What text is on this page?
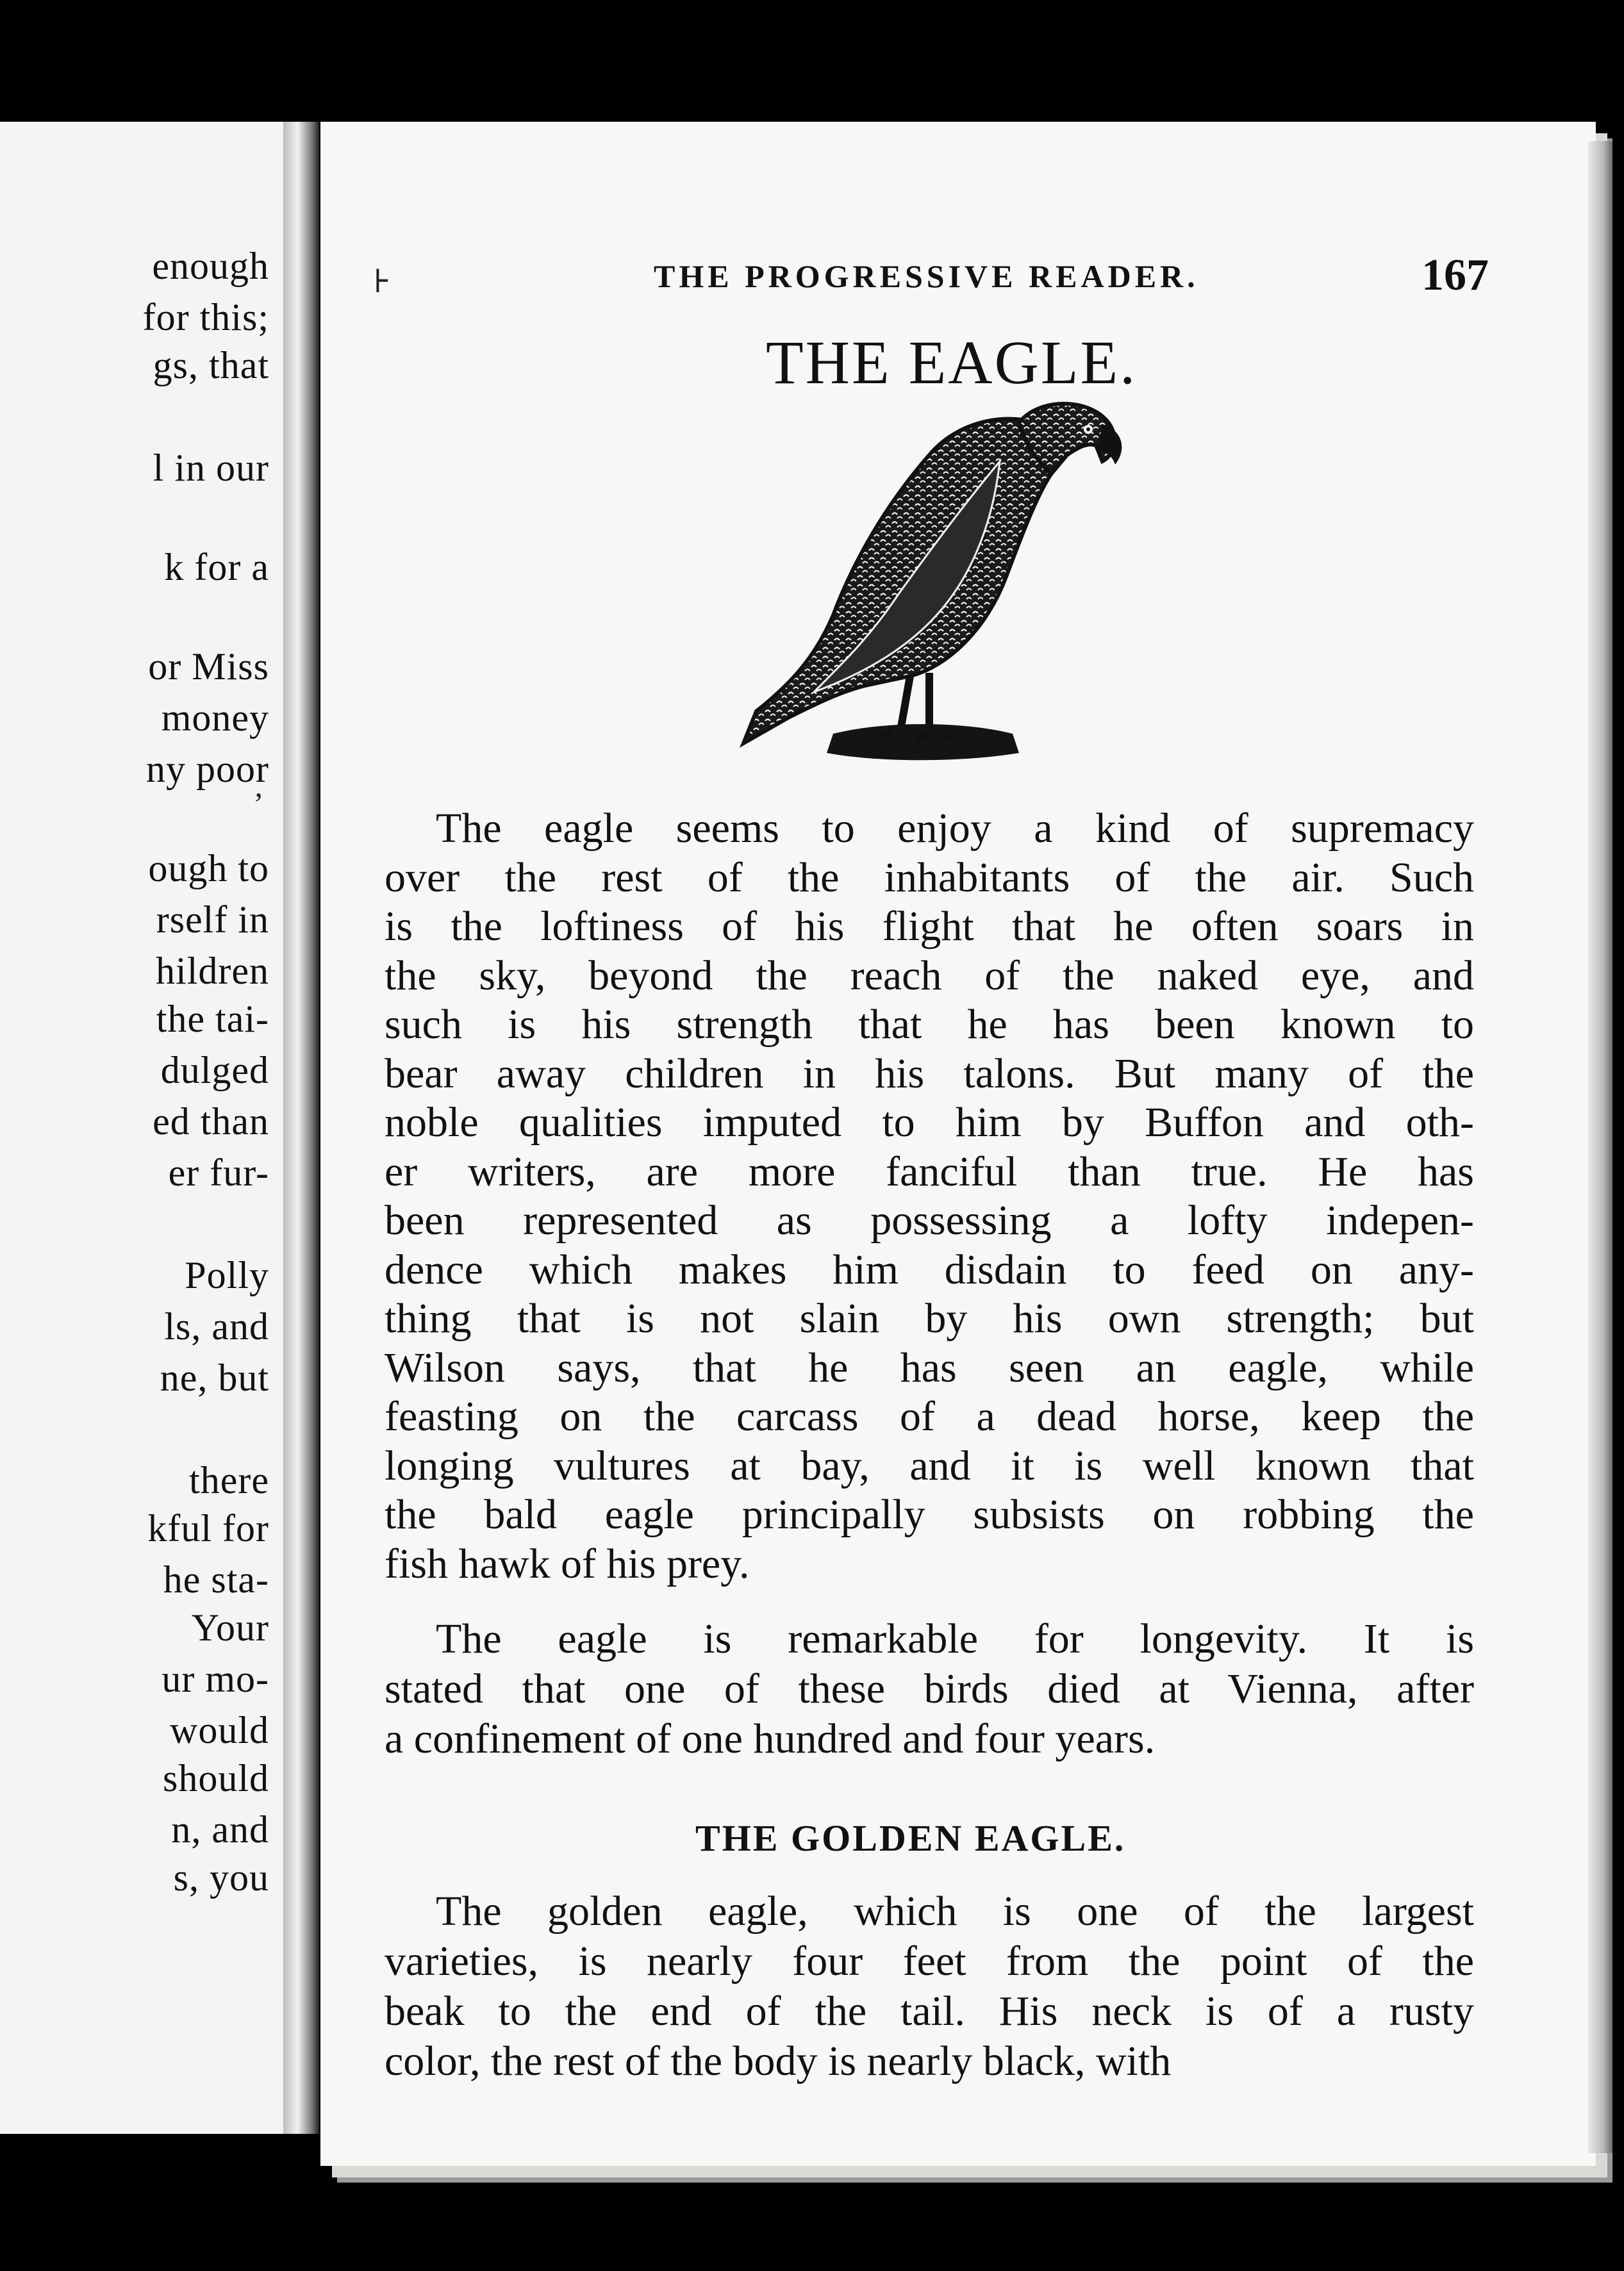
enough
for this;
gs, that
l in our
k for a
or Miss
money
ny poor
ough to
rself in
hildren
the tai-
dulged
ed than
er fur-
Polly
ls, and
ne, but
there
kful for
he sta-
Your
ur mo-
would
should
n, and
s, you
THE PROGRESSIVE READER.	167
THE EAGLE.
The eagle seems to enjoy a kind of supremacy
over the rest of the inhabitants of the air. Such
is the loftiness of his flight that he often soars in
the sky, beyond the reach of the naked eye, and
such is his strength that he has been known to
bear away children in his talons. But many of the
noble qualities imputed to him by Buffon and oth-
er writers, are more fanciful than true. He has
been represented as possessing a lofty indepen-
dence which makes him disdain to feed on any-
thing that is not slain by his own strength; but
Wilson says, that he has seen an eagle, while
feasting on the carcass of a dead horse, keep the
longing vultures at bay, and it is well known that
the bald eagle principally subsists on robbing the
fish hawk of his prey.
The eagle is remarkable for longevity. It is
stated that one of these birds died at Vienna, after
a confinement of one hundred and four years.
THE GOLDEN EAGLE.
The golden eagle, which is one of the largest
varieties, is nearly four feet from the point of the
beak to the end of the tail. His neck is of a rusty
color, the rest of the body is nearly black, with
⊦
ʼ
